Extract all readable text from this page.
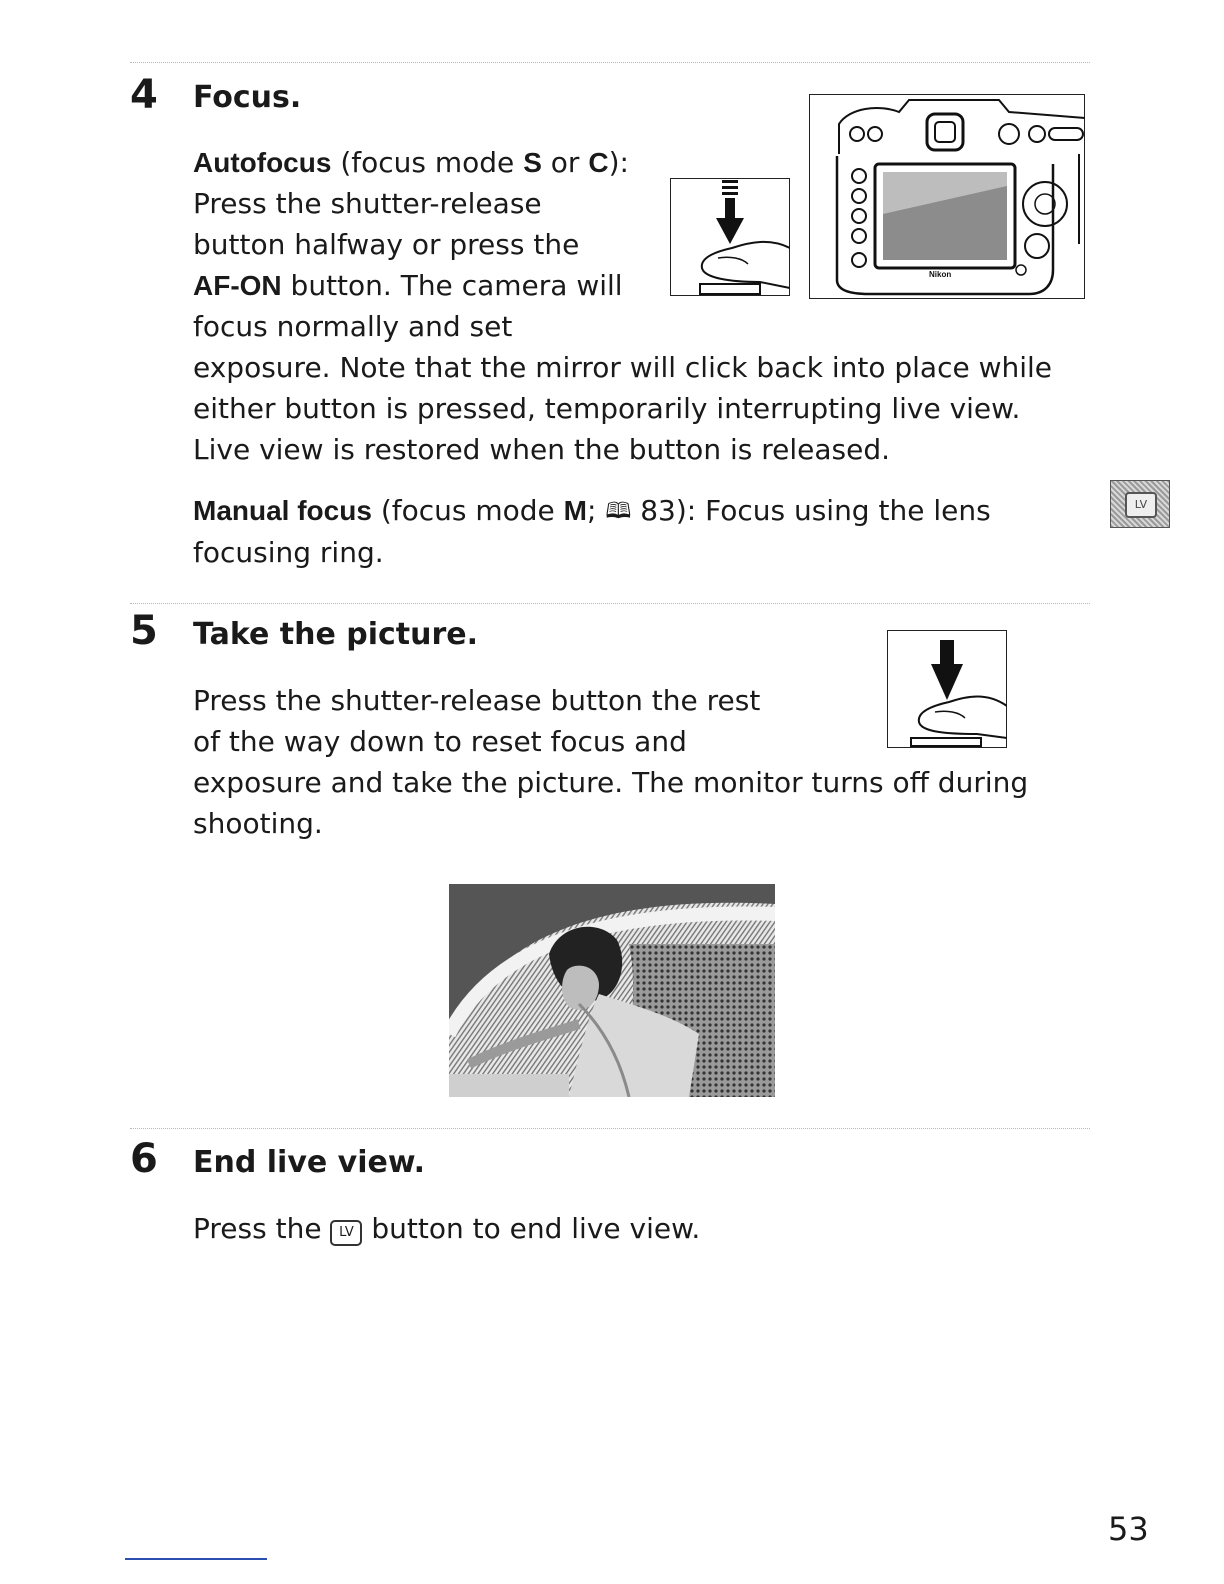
4 Focus.
Autofocus (focus mode S or C):
Press the shutter-release
button halfway or press the
AF-ON button. The camera will
focus normally and set
exposure. Note that the mirror will click back into place while
either button is pressed, temporarily interrupting live view.
Live view is restored when the button is released.
Nikon
Manual focus (focus mode M; 🕮 83): Focus using the lens
focusing ring.
LV
5 Take the picture.
Press the shutter-release button the rest
of the way down to reset focus and
exposure and take the picture. The monitor turns off during
shooting.
6 End live view.
Press the LV button to end live view.
53
